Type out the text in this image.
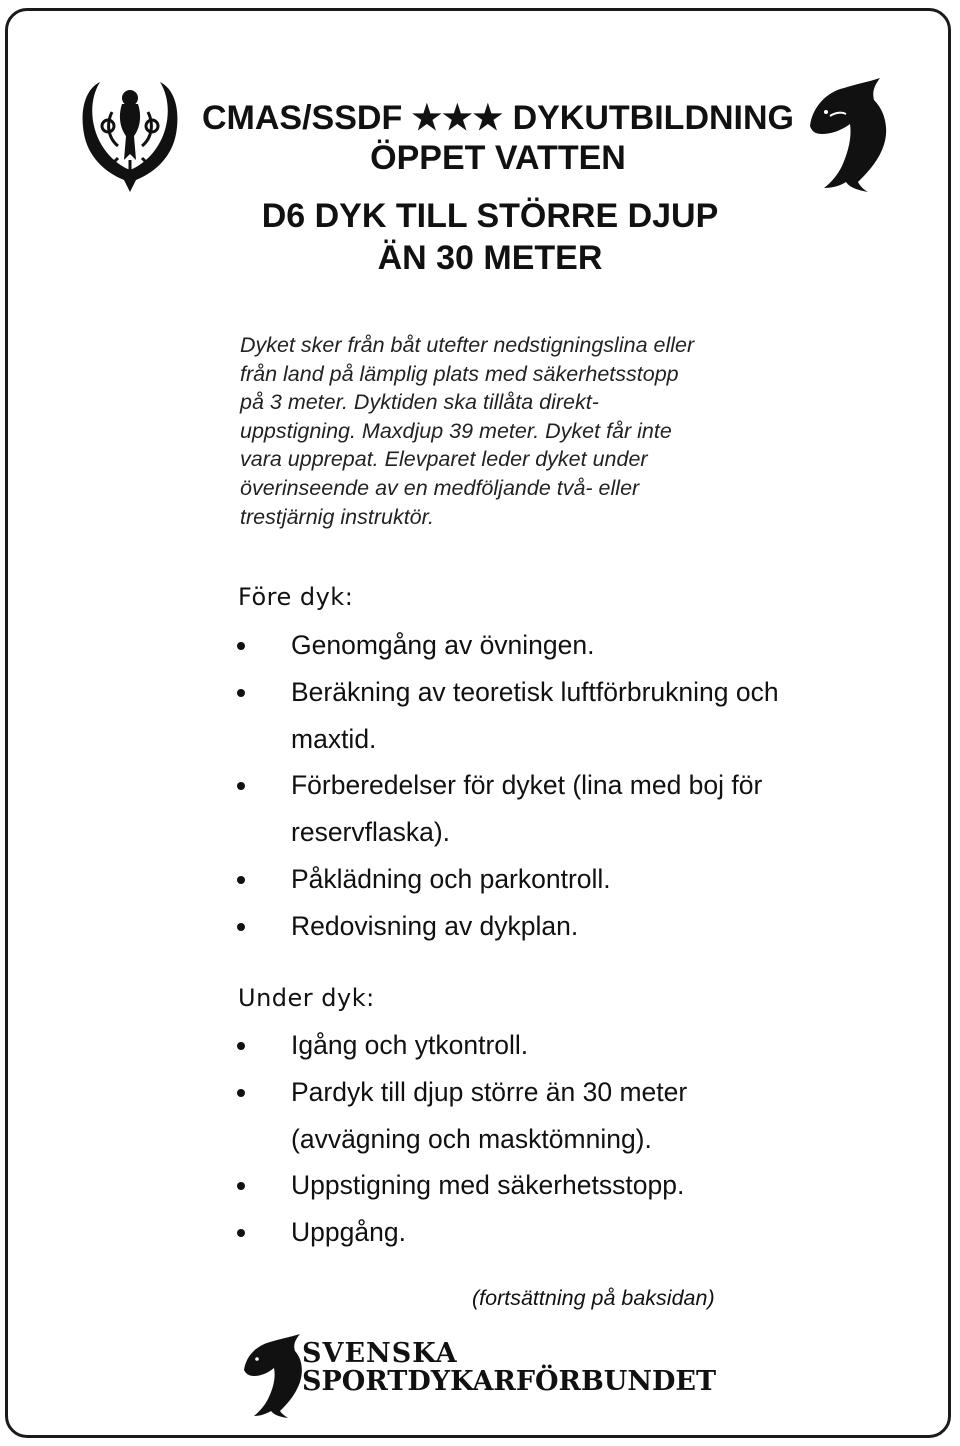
CMAS/SSDF ★★★ DYKUTBILDNING
ÖPPET VATTEN
D6 DYK TILL STÖRRE DJUP
ÄN 30 METER
Dyket sker från båt utefter nedstigningslina eller
från land på lämplig plats med säkerhetsstopp
på 3 meter. Dyktiden ska tillåta direkt-
uppstigning. Maxdjup 39 meter. Dyket får inte
vara upprepat. Elevparet leder dyket under
överinseende av en medföljande två- eller
trestjärnig instruktör.
Före dyk:
Genomgång av övningen.
Beräkning av teoretisk luftförbrukning och maxtid.
Förberedelser för dyket (lina med boj för reservflaska).
Påklädning och parkontroll.
Redovisning av dykplan.
Under dyk:
Igång och ytkontroll.
Pardyk till djup större än 30 meter (avvägning och masktömning).
Uppstigning med säkerhetsstopp.
Uppgång.
(fortsättning på baksidan)
SVENSKA
SPORTDYKARFÖRBUNDET
